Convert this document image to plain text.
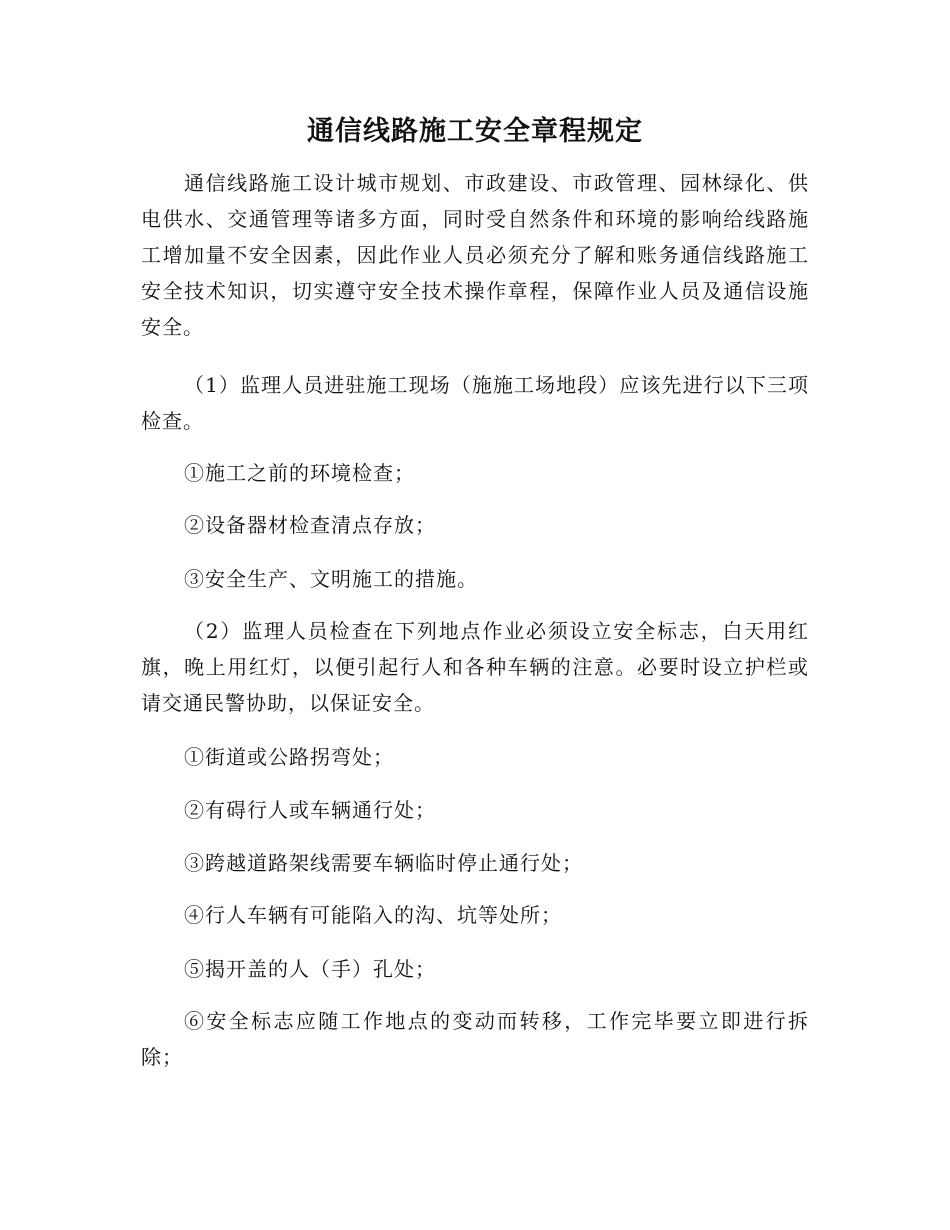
通信线路施工安全章程规定

通信线路施工设计城市规划、市政建设、市政管理、园林绿化、供电供水、交通管理等诸多方面，同时受自然条件和环境的影响给线路施工增加量不安全因素，因此作业人员必须充分了解和账务通信线路施工安全技术知识，切实遵守安全技术操作章程，保障作业人员及通信设施安全。

（1）监理人员进驻施工现场（施施工场地段）应该先进行以下三项检查。

①施工之前的环境检查；

②设备器材检查清点存放；

③安全生产、文明施工的措施。

（2）监理人员检查在下列地点作业必须设立安全标志，白天用红旗，晚上用红灯，以便引起行人和各种车辆的注意。必要时设立护栏或请交通民警协助，以保证安全。

①街道或公路拐弯处；

②有碍行人或车辆通行处；

③跨越道路架线需要车辆临时停止通行处；

④行人车辆有可能陷入的沟、坑等处所；

⑤揭开盖的人（手）孔处；

⑥安全标志应随工作地点的变动而转移，工作完毕要立即进行拆除；
